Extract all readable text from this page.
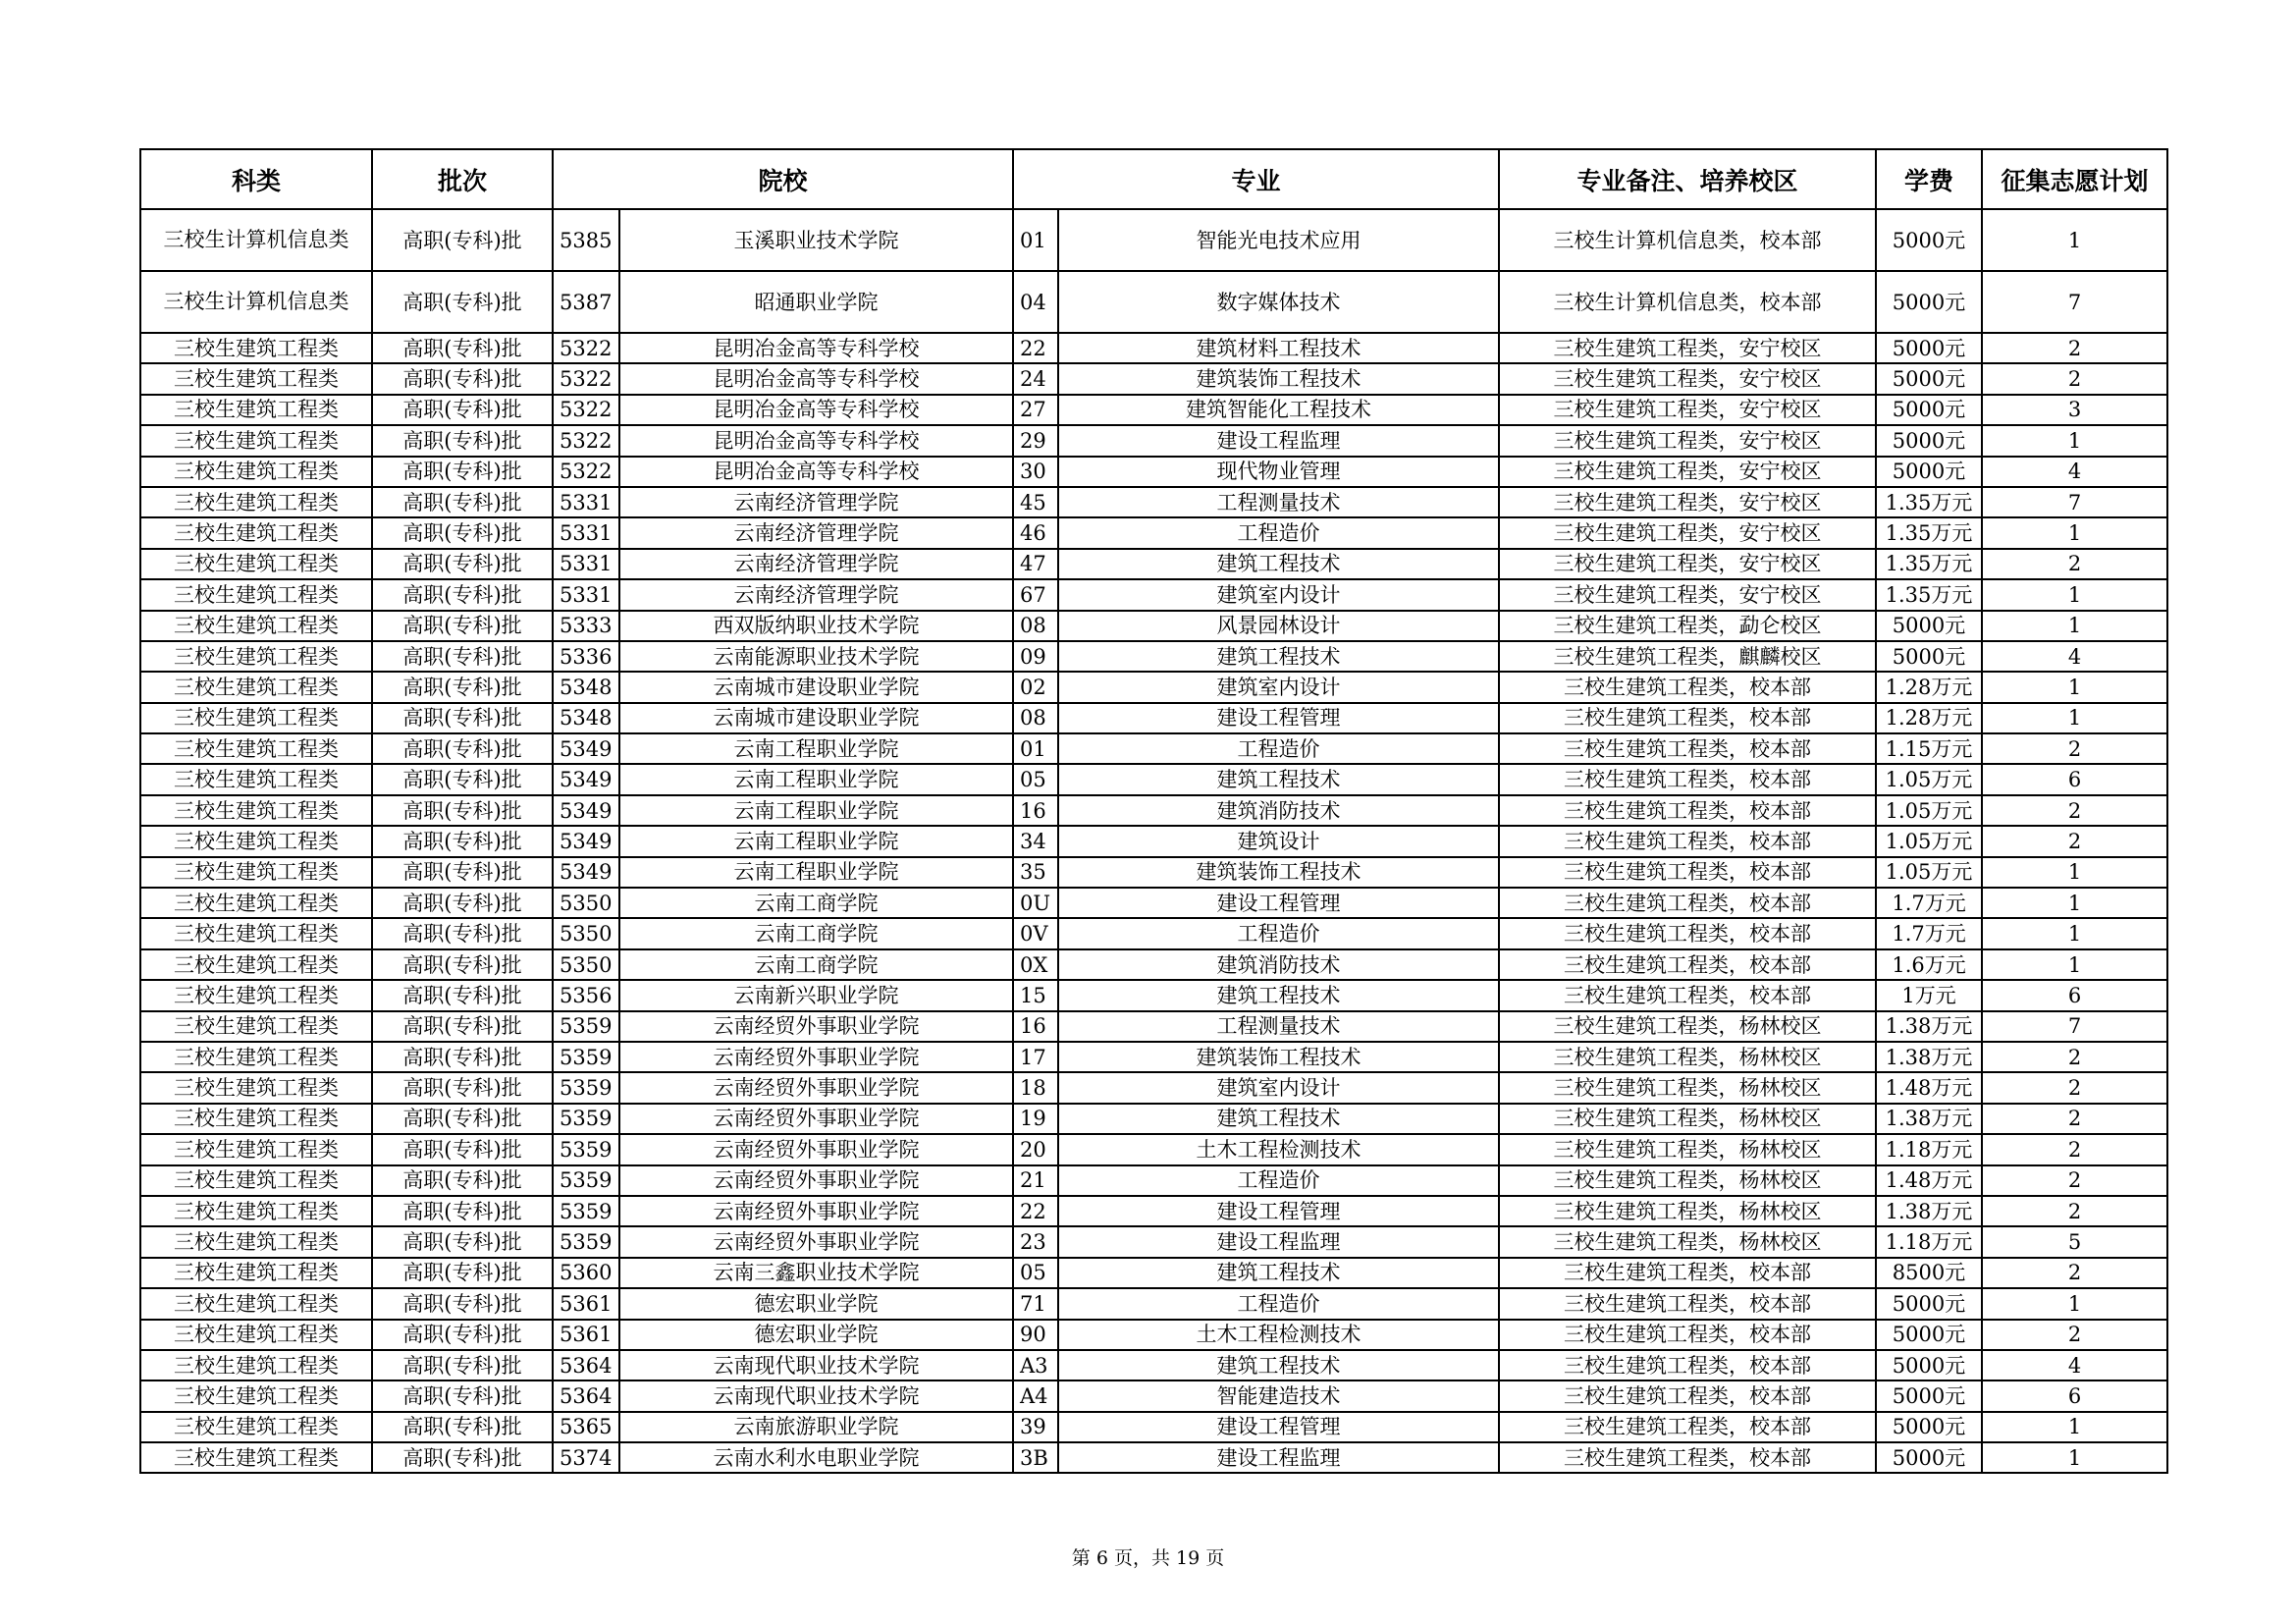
科类	批次	院校		专业		专业备注、培养校区	学费	征集志愿计划
三校生计算机信息类	高职(专科)批	5385	玉溪职业技术学院	01	智能光电技术应用	三校生计算机信息类，校本部	5000元	1
三校生计算机信息类	高职(专科)批	5387	昭通职业学院	04	数字媒体技术	三校生计算机信息类，校本部	5000元	7
三校生建筑工程类	高职(专科)批	5322	昆明冶金高等专科学校	22	建筑材料工程技术	三校生建筑工程类，安宁校区	5000元	2
三校生建筑工程类	高职(专科)批	5322	昆明冶金高等专科学校	24	建筑装饰工程技术	三校生建筑工程类，安宁校区	5000元	2
三校生建筑工程类	高职(专科)批	5322	昆明冶金高等专科学校	27	建筑智能化工程技术	三校生建筑工程类，安宁校区	5000元	3
三校生建筑工程类	高职(专科)批	5322	昆明冶金高等专科学校	29	建设工程监理	三校生建筑工程类，安宁校区	5000元	1
三校生建筑工程类	高职(专科)批	5322	昆明冶金高等专科学校	30	现代物业管理	三校生建筑工程类，安宁校区	5000元	4
三校生建筑工程类	高职(专科)批	5331	云南经济管理学院	45	工程测量技术	三校生建筑工程类，安宁校区	1.35万元	7
三校生建筑工程类	高职(专科)批	5331	云南经济管理学院	46	工程造价	三校生建筑工程类，安宁校区	1.35万元	1
三校生建筑工程类	高职(专科)批	5331	云南经济管理学院	47	建筑工程技术	三校生建筑工程类，安宁校区	1.35万元	2
三校生建筑工程类	高职(专科)批	5331	云南经济管理学院	67	建筑室内设计	三校生建筑工程类，安宁校区	1.35万元	1
三校生建筑工程类	高职(专科)批	5333	西双版纳职业技术学院	08	风景园林设计	三校生建筑工程类，勐仑校区	5000元	1
三校生建筑工程类	高职(专科)批	5336	云南能源职业技术学院	09	建筑工程技术	三校生建筑工程类，麒麟校区	5000元	4
三校生建筑工程类	高职(专科)批	5348	云南城市建设职业学院	02	建筑室内设计	三校生建筑工程类，校本部	1.28万元	1
三校生建筑工程类	高职(专科)批	5348	云南城市建设职业学院	08	建设工程管理	三校生建筑工程类，校本部	1.28万元	1
三校生建筑工程类	高职(专科)批	5349	云南工程职业学院	01	工程造价	三校生建筑工程类，校本部	1.15万元	2
三校生建筑工程类	高职(专科)批	5349	云南工程职业学院	05	建筑工程技术	三校生建筑工程类，校本部	1.05万元	6
三校生建筑工程类	高职(专科)批	5349	云南工程职业学院	16	建筑消防技术	三校生建筑工程类，校本部	1.05万元	2
三校生建筑工程类	高职(专科)批	5349	云南工程职业学院	34	建筑设计	三校生建筑工程类，校本部	1.05万元	2
三校生建筑工程类	高职(专科)批	5349	云南工程职业学院	35	建筑装饰工程技术	三校生建筑工程类，校本部	1.05万元	1
三校生建筑工程类	高职(专科)批	5350	云南工商学院	0U	建设工程管理	三校生建筑工程类，校本部	1.7万元	1
三校生建筑工程类	高职(专科)批	5350	云南工商学院	0V	工程造价	三校生建筑工程类，校本部	1.7万元	1
三校生建筑工程类	高职(专科)批	5350	云南工商学院	0X	建筑消防技术	三校生建筑工程类，校本部	1.6万元	1
三校生建筑工程类	高职(专科)批	5356	云南新兴职业学院	15	建筑工程技术	三校生建筑工程类，校本部	1万元	6
三校生建筑工程类	高职(专科)批	5359	云南经贸外事职业学院	16	工程测量技术	三校生建筑工程类，杨林校区	1.38万元	7
三校生建筑工程类	高职(专科)批	5359	云南经贸外事职业学院	17	建筑装饰工程技术	三校生建筑工程类，杨林校区	1.38万元	2
三校生建筑工程类	高职(专科)批	5359	云南经贸外事职业学院	18	建筑室内设计	三校生建筑工程类，杨林校区	1.48万元	2
三校生建筑工程类	高职(专科)批	5359	云南经贸外事职业学院	19	建筑工程技术	三校生建筑工程类，杨林校区	1.38万元	2
三校生建筑工程类	高职(专科)批	5359	云南经贸外事职业学院	20	土木工程检测技术	三校生建筑工程类，杨林校区	1.18万元	2
三校生建筑工程类	高职(专科)批	5359	云南经贸外事职业学院	21	工程造价	三校生建筑工程类，杨林校区	1.48万元	2
三校生建筑工程类	高职(专科)批	5359	云南经贸外事职业学院	22	建设工程管理	三校生建筑工程类，杨林校区	1.38万元	2
三校生建筑工程类	高职(专科)批	5359	云南经贸外事职业学院	23	建设工程监理	三校生建筑工程类，杨林校区	1.18万元	5
三校生建筑工程类	高职(专科)批	5360	云南三鑫职业技术学院	05	建筑工程技术	三校生建筑工程类，校本部	8500元	2
三校生建筑工程类	高职(专科)批	5361	德宏职业学院	71	工程造价	三校生建筑工程类，校本部	5000元	1
三校生建筑工程类	高职(专科)批	5361	德宏职业学院	90	土木工程检测技术	三校生建筑工程类，校本部	5000元	2
三校生建筑工程类	高职(专科)批	5364	云南现代职业技术学院	A3	建筑工程技术	三校生建筑工程类，校本部	5000元	4
三校生建筑工程类	高职(专科)批	5364	云南现代职业技术学院	A4	智能建造技术	三校生建筑工程类，校本部	5000元	6
三校生建筑工程类	高职(专科)批	5365	云南旅游职业学院	39	建设工程管理	三校生建筑工程类，校本部	5000元	1
三校生建筑工程类	高职(专科)批	5374	云南水利水电职业学院	3B	建设工程监理	三校生建筑工程类，校本部	5000元	1
第 6 页，共 19 页
